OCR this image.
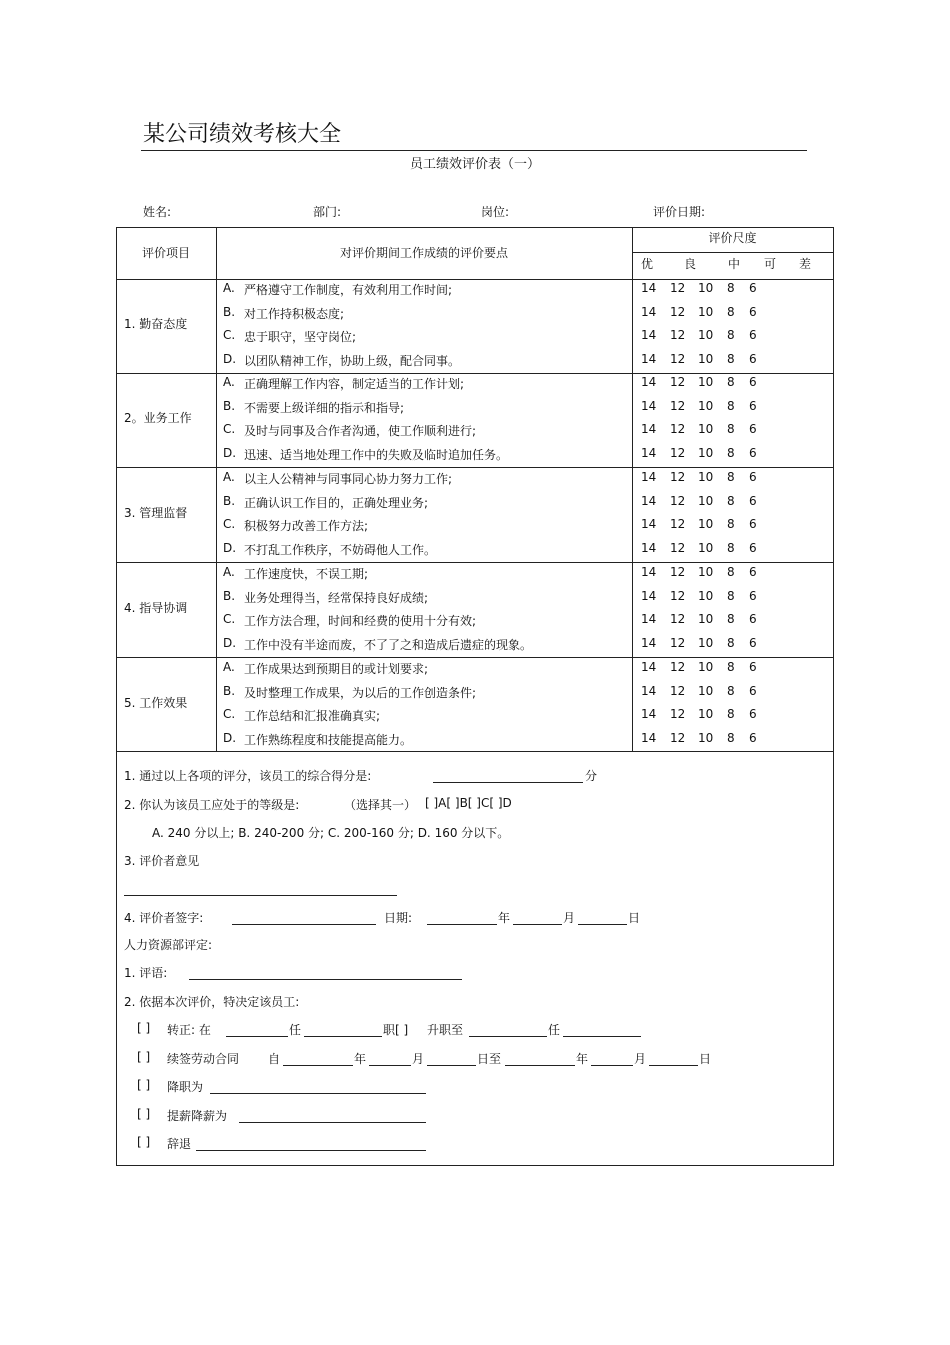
某公司绩效考核大全
员工绩效评价表（一）
姓名:	部门:	岗位:	评价日期:
评价项目	对评价期间工作成绩的评价要点
评价尺度
优	良	中 可 差
1. 勤奋态度
A. 严格遵守工作制度，有效利用工作时间;	14 12 10 8 6
B. 对工作持积极态度;	14 12 10 8 6
C. 忠于职守，坚守岗位;	14 12 10 8 6
D. 以团队精神工作，协助上级，配合同事。	14 12 10 8 6
2。业务工作
A. 正确理解工作内容，制定适当的工作计划;	14 12 10 8 6
B. 不需要上级详细的指示和指导;	14 12 10 8 6
C. 及时与同事及合作者沟通，使工作顺利进行;	14 12 10 8 6
D. 迅速、适当地处理工作中的失败及临时追加任务。	14 12 10 8 6
3. 管理监督
A. 以主人公精神与同事同心协力努力工作;	14 12 10 8 6
B. 正确认识工作目的，正确处理业务;	14 12 10 8 6
C. 积极努力改善工作方法;	14 12 10 8 6
D. 不打乱工作秩序，不妨碍他人工作。	14 12 10 8 6
4. 指导协调
A. 工作速度快，不误工期;	14 12 10 8 6
B. 业务处理得当，经常保持良好成绩;	14 12 10 8 6
C. 工作方法合理，时间和经费的使用十分有效;	14 12 10 8 6
D. 工作中没有半途而废，不了了之和造成后遗症的现象。	14 12 10 8 6
5. 工作效果
A. 工作成果达到预期目的或计划要求;	14 12 10 8 6
B. 及时整理工作成果，为以后的工作创造条件;	14 12 10 8 6
C. 工作总结和汇报准确真实;	14 12 10 8 6
D. 工作熟练程度和技能提高能力。	14 12 10 8 6
1. 通过以上各项的评分，该员工的综合得分是:	分
2. 你认为该员工应处于的等级是:	（选择其一） [ ]A[ ]B[ ]C[ ]D
A. 240 分以上; B. 240-200 分; C. 200-160 分; D. 160 分以下。
3. 评价者意见
4. 评价者签字:	日期:	年	月	日
人力资源部评定:
1. 评语:
2. 依据本次评价，特决定该员工:
[ ] 转正: 在	任	职[ ] 升职至	任
[ ] 续签劳动合同 自	年	月	日至	年	月	日
[ ] 降职为
[ ] 提薪降薪为
[ ] 辞退
